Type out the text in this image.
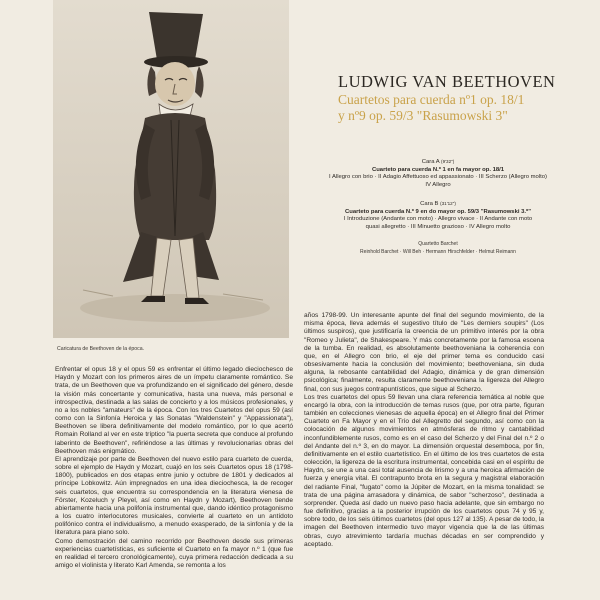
Caricatura de Beethoven de la época.

Enfrentar el opus 18 y el opus 59 es enfrentar el último legado dieciochesco de Haydn y Mozart con los primeros aires de un ímpetu claramente romántico. Se trata, de un Beethoven que va profundizando en el significado del género, desde la visión más concertante y comunicativa, hasta una nueva, más personal e introspectiva, destinada a las salas de concierto y a los músicos profesionales, y no a los nobles "amateurs" de la época. Con los tres Cuartetos del opus 59 (así como con la Sinfonía Heroica y las Sonatas "Waldenstein" y "Appassionata"), Beethoven se libera definitivamente del modelo romántico, por lo que acertó Romain Rolland al ver en este tríptico "la puerta secreta que conduce al profundo laberinto de Beethoven", refiriéndose a las últimas y revolucionarias obras del Beethoven más enigmático.

El aprendizaje por parte de Beethoven del nuevo estilo para cuarteto de cuerda, sobre el ejemplo de Haydn y Mozart, cuajó en los seis Cuartetos opus 18 (1798-1800), publicados en dos etapas entre junio y octubre de 1801 y dedicados al príncipe Lobkowitz. Aún impregnados en una idea dieciochesca, la de recoger seis cuartetos, que encuentra su correspondencia en la literatura vienesa de Förster, Kozeluch y Pleyel, así como en Haydn y Mozart), Beethoven tiende abiertamente hacia una polifonía instrumental que, dando idéntico protagonismo a los cuatro interlocutores musicales, convierte al cuarteto en un antídoto polifónico contra el individualismo, a menudo exasperado, de la sinfonía y de la literatura para piano solo.

Como demostración del camino recorrido por Beethoven desde sus primeras experiencias cuartetísticas, es suficiente el Cuarteto en fa mayor n.º 1 (que fue en realidad el tercero cronológicamente), cuya primera redacción dedicada a su amigo el violinista y literato Karl Amenda, se remonta a los

LUDWIG VAN BEETHOVEN
Cuartetos para cuerda nº1 op. 18/1
y nº9 op. 59/3 "Rasumowski 3"
Cara A (9'32")
Cuarteto para cuerda N.º 1 en fa mayor op. 18/1
I Allegro con brio · II Adagio Affettuoso ed appassionato · III Scherzo (Allegro molto)
IV Allegro
Cara B (31'12")
Cuarteto para cuerda N.º 9 en do mayor op. 59/3 "Rasumowski 3.º"
I Introduzione (Andante con moto) · Allegro vivace · II Andante con moto
quasi allegretto · III Minuetto grazioso · IV Allegro molto
Quartetto Barchet
Reinhold Barchet · Will Beh · Hermann Hirschfelder · Helmut Reimann

años 1798-99. Un interesante apunte del final del segundo movimiento, de la misma época, lleva además el sugestivo título de "Les derniers soupirs" (Los últimos suspiros), que justificaría la creencia de un primitivo interés por la obra "Romeo y Julieta", de Shakespeare. Y más concretamente por la famosa escena de la tumba. En realidad, es absolutamente beethoveniana la coherencia con que, en el Allegro con brio, el eje del primer tema es conducido casi obsesivamente hacia la conclusión del movimiento; beethoveniana, sin duda alguna, la rebosante cantabilidad del Adagio, dinámica y de gran dimensión psicológica; finalmente, resulta claramente beethoveniana la ligereza del Allegro final, con sus juegos contrapuntísticos, que sigue al Scherzo.

Los tres cuartetos del opus 59 llevan una clara referencia temática al noble que encargó la obra, con la introducción de temas rusos (que, por otra parte, figuran también en colecciones vienesas de aquella época) en el Allegro final del Primer Cuarteto en Fa Mayor y en el Trío del Allegretto del segundo, así como con la colocación de algunos movimientos en atmósferas de ritmo y cantabilidad inconfundiblemente rusos, como es en el caso del Scherzo y del Final del n.º 2 o del Andante del n.º 3, en do mayor. La dimensión orquestal desemboca, por fin, definitivamente en el estilo cuartetístico. En el último de los tres cuartetos de esta colección, la ligereza de la escritura instrumental, concebida casi en el espíritu de Haydn, se une a una casi total ausencia de lirismo y a una heroica afirmación de fuerza y energía vital. El contrapunto brota en la segura y magistral elaboración del radiante Final, "fugato" como la Júpiter de Mozart, en la misma tonalidad: se trata de una página arrasadora y dinámica, de sabor "scherzoso", destinada a sorprender. Queda así dado un nuevo paso hacia adelante, que sin embargo no fue definitivo, gracias a la posterior irrupción de los cuartetos opus 74 y 95 y, sobre todo, de los seis últimos cuartetos (del opus 127 al 135). A pesar de todo, la imagen del Beethoven intermedio tuvo mayor vigencia que la de las últimas obras, cuyo atrevimiento tardaría muchas décadas en ser comprendido y aceptado.
